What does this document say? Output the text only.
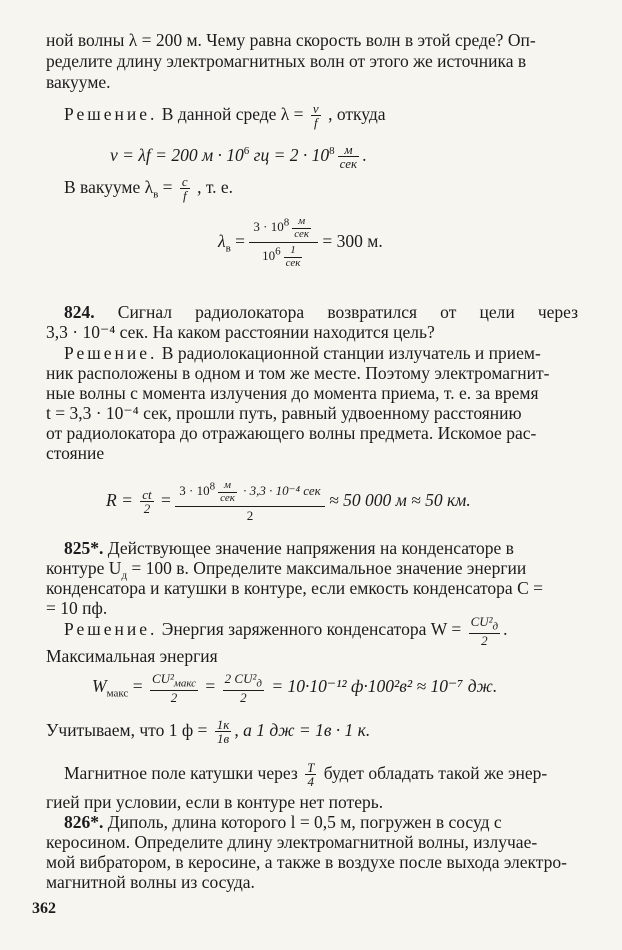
ной волны λ = 200 м. Чему равна скорость волн в этой среде? Оп-
ределите длину электромагнитных волн от этого же источника в
вакууме.
Решение. В данной среде $\lambda = \frac{v}{f}$ , откуда
v = λf = 200 $м \cdot 10^6$ гц = $2 \cdot 10^8 \frac{м}{\text{сек}}$ .
В вакууме $\lambda_в = \frac{c}{f}$ , т. е.
$\lambda_в = \frac{3 \cdot 10^8 \frac{м}{\text{сек}}}{10^6 \frac{1}{\text{сек}}} = 300$ м.
824. Сигнал радиолокатора возвратился от цели через
3,3 · 10⁻⁴ сек. На каком расстоянии находится цель?
Решение. В радиолокационной станции излучатель и прием-
ник расположены в одном и том же месте. Поэтому электромагнит-
ные волны с момента излучения до момента приема, т. е. за время
t = 3,3 · 10⁻⁴ сек, прошли путь, равный удвоенному расстоянию
от радиолокатора до отражающего волны предмета. Искомое рас-
стояние
$R = \frac{ct}{2} = \frac{3 \cdot 10^8 \frac{м}{\text{сек}} \cdot 3,3 \cdot 10^{-4} сек}{2} \approx 50$ 000 м ≈ 50 км.
825*. Действующее значение напряжения на конденсаторе в
контуре $U_д = 100$ в. Определите максимальное значение энергии
конденсатора и катушки в контуре, если емкость конденсатора C =
= 10 пф.
Решение. Энергия заряженного конденсатора $W = \frac{CU^2_д}{2}$ .
Максимальная энергия
$W_{макс} = \frac{CU^2_{макс}}{2} = \frac{2 CU^2_д}{2} = 10\cdot 10^{-12}$ ф·100²в² ≈ 10⁻⁷ дж.
Учитываем, что 1 $ф = \frac{1к}{1в}$ , а 1 дж = 1в · 1 к.
Магнитное поле катушки через $\frac{T}{4}$ будет обладать такой же энер-
гией при условии, если в контуре нет потерь.
826*. Диполь, длина которого l = 0,5 м, погружен в сосуд с
керосином. Определите длину электромагнитной волны, излучае-
мой вибратором, в керосине, а также в воздухе после выхода электро-
магнитной волны из сосуда.
362
